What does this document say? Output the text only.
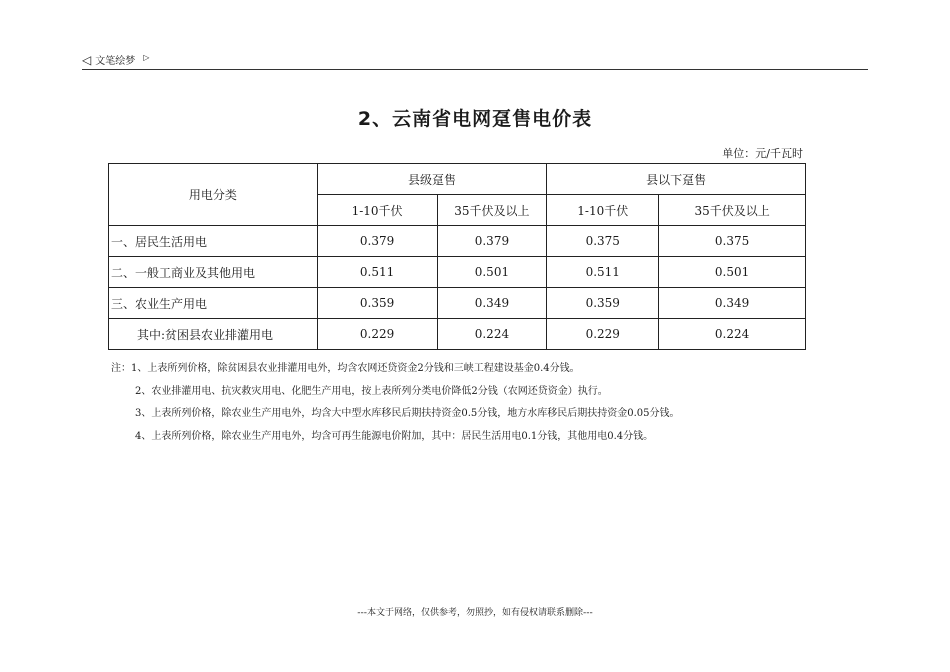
◁ 文笔绘梦 ▷
2、云南省电网趸售电价表
单位：元/千瓦时
用电分类	县级趸售		县以下趸售	
	1-10千伏	35千伏及以上	1-10千伏	35千伏及以上
一、居民生活用电	0.379	0.379	0.375	0.375
二、一般工商业及其他用电	0.511	0.501	0.511	0.501
三、农业生产用电	0.359	0.349	0.359	0.349
其中:贫困县农业排灌用电	0.229	0.224	0.229	0.224
注：1、上表所列价格，除贫困县农业排灌用电外，均含农网还贷资金2分钱和三峡工程建设基金0.4分钱。
2、农业排灌用电、抗灾救灾用电、化肥生产用电，按上表所列分类电价降低2分钱（农网还贷资金）执行。
3、上表所列价格，除农业生产用电外，均含大中型水库移民后期扶持资金0.5分钱，地方水库移民后期扶持资金0.05分钱。
4、上表所列价格，除农业生产用电外，均含可再生能源电价附加，其中：居民生活用电0.1分钱，其他用电0.4分钱。
---本文于网络，仅供参考，勿照抄，如有侵权请联系删除---
